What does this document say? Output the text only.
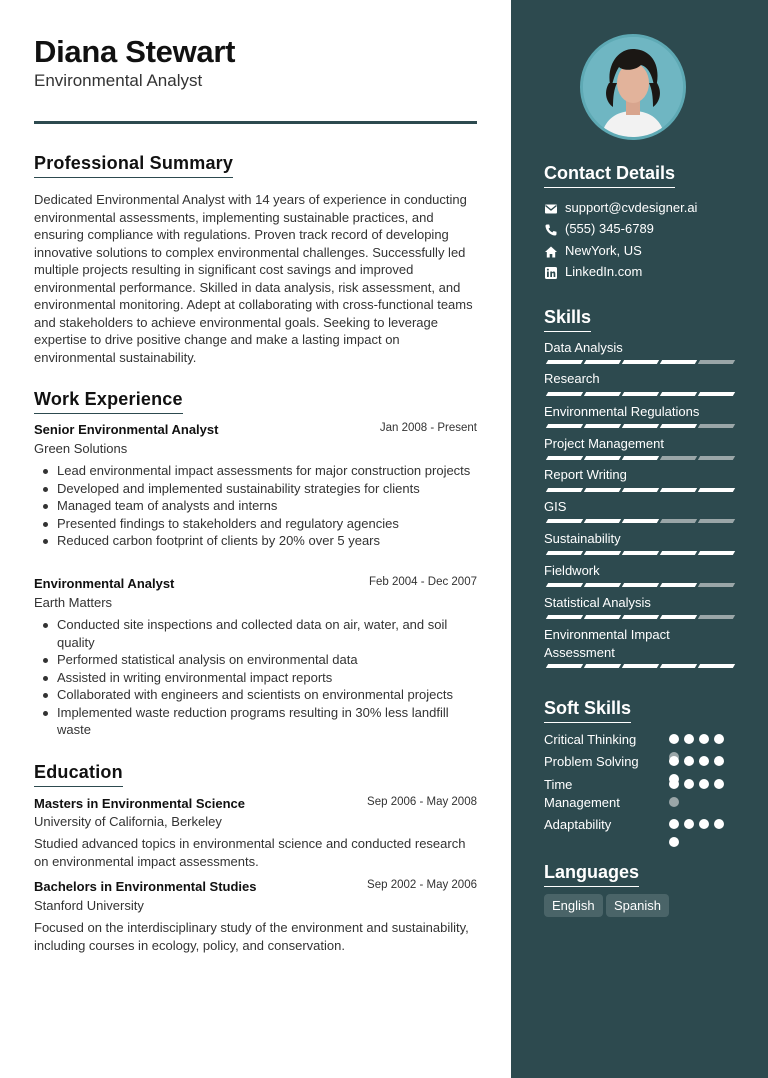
Diana Stewart
Environmental Analyst
Professional Summary
Dedicated Environmental Analyst with 14 years of experience in conducting environmental assessments, implementing sustainable practices, and ensuring compliance with regulations. Proven track record of developing innovative solutions to complex environmental challenges. Successfully led multiple projects resulting in significant cost savings and improved environmental performance. Skilled in data analysis, risk assessment, and environmental monitoring. Adept at collaborating with cross-functional teams and stakeholders to achieve environmental goals. Seeking to leverage expertise to drive positive change and make a lasting impact on environmental sustainability.
Work Experience
Senior Environmental Analyst	Jan 2008 - Present
Green Solutions
Lead environmental impact assessments for major construction projects
Developed and implemented sustainability strategies for clients
Managed team of analysts and interns
Presented findings to stakeholders and regulatory agencies
Reduced carbon footprint of clients by 20% over 5 years
Environmental Analyst	Feb 2004 - Dec 2007
Earth Matters
Conducted site inspections and collected data on air, water, and soil quality
Performed statistical analysis on environmental data
Assisted in writing environmental impact reports
Collaborated with engineers and scientists on environmental projects
Implemented waste reduction programs resulting in 30% less landfill waste
Education
Masters in Environmental Science	Sep 2006 - May 2008
University of California, Berkeley
Studied advanced topics in environmental science and conducted research on environmental impact assessments.
Bachelors in Environmental Studies	Sep 2002 - May 2006
Stanford University
Focused on the interdisciplinary study of the environment and sustainability, including courses in ecology, policy, and conservation.
Contact Details
support@cvdesigner.ai
(555) 345-6789
NewYork, US
LinkedIn.com
Skills
Data Analysis
Research
Environmental Regulations
Project Management
Report Writing
GIS
Sustainability
Fieldwork
Statistical Analysis
Environmental Impact Assessment
Soft Skills
Critical Thinking
Problem Solving
Time Management
Adaptability
Languages
English	Spanish
